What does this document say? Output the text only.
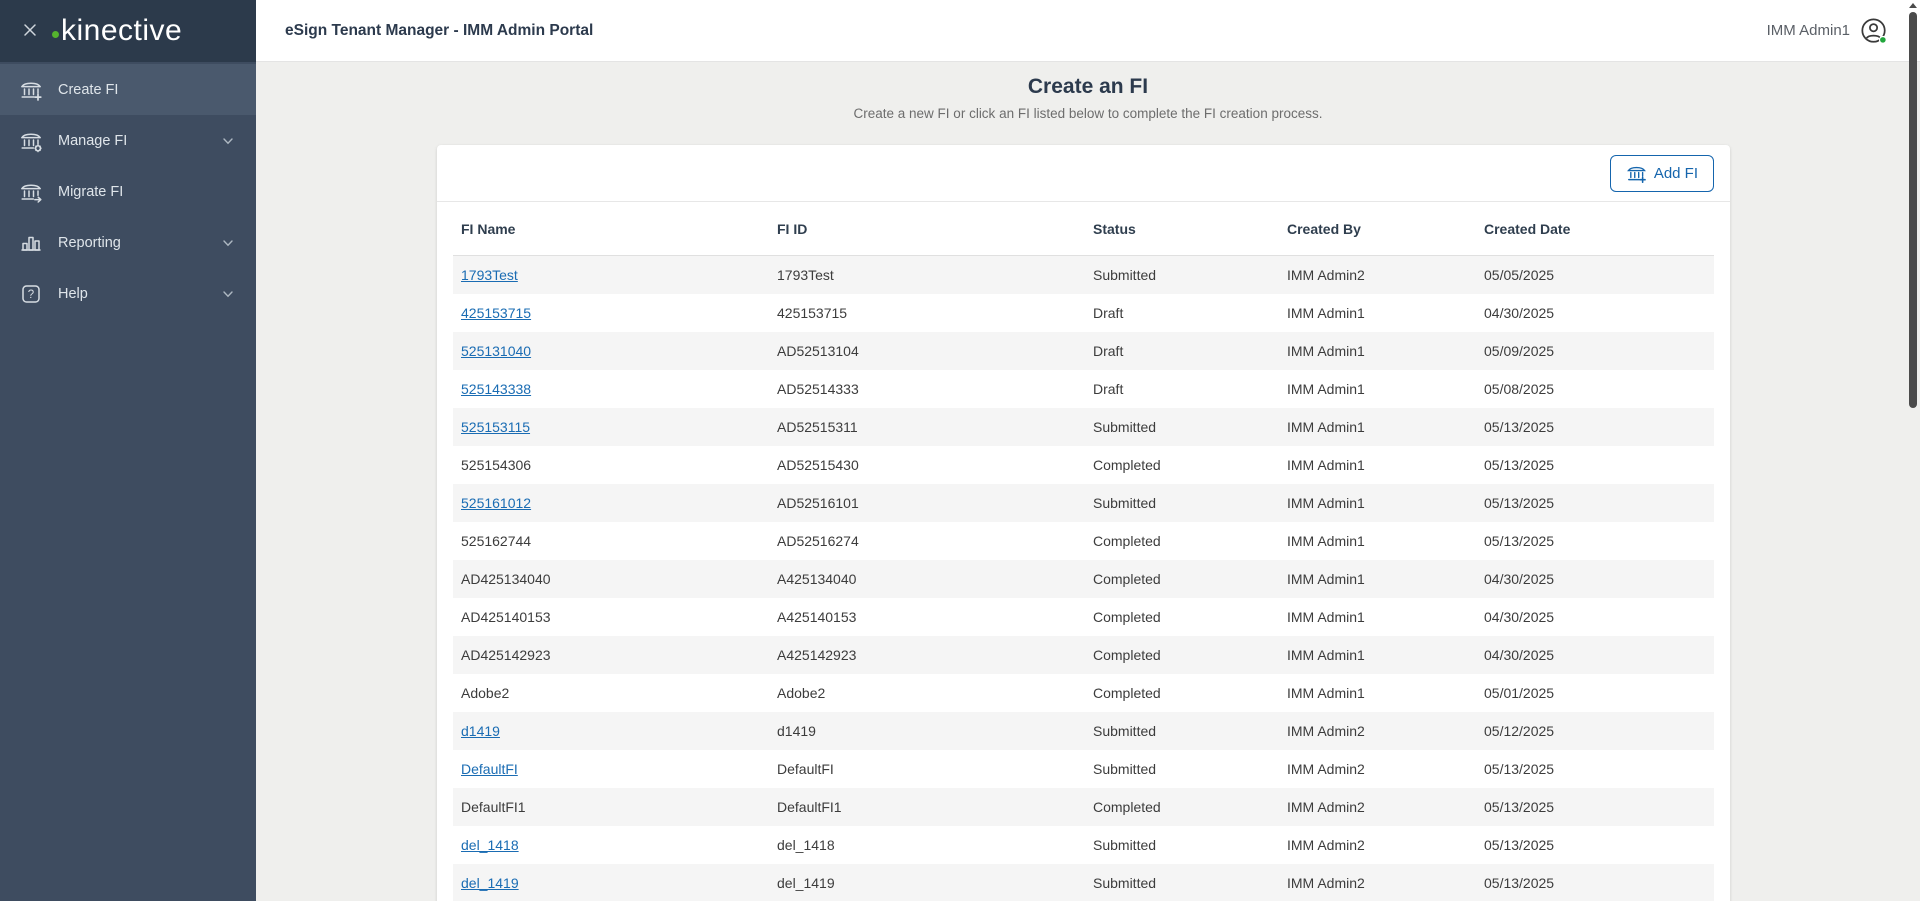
kinective
Create FI
Manage FI
Migrate FI
Reporting
? Help
eSign Tenant Manager - IMM Admin Portal	IMM Admin1
Create an FI

Create a new FI or click an FI listed below to complete the FI creation process.

Add FI
FI Name	FI ID	Status	Created By	Created Date
1793Test	1793Test	Submitted	IMM Admin2	05/05/2025
425153715	425153715	Draft	IMM Admin1	04/30/2025
525131040	AD52513104	Draft	IMM Admin1	05/09/2025
525143338	AD52514333	Draft	IMM Admin1	05/08/2025
525153115	AD52515311	Submitted	IMM Admin1	05/13/2025
525154306	AD52515430	Completed	IMM Admin1	05/13/2025
525161012	AD52516101	Submitted	IMM Admin1	05/13/2025
525162744	AD52516274	Completed	IMM Admin1	05/13/2025
AD425134040	A425134040	Completed	IMM Admin1	04/30/2025
AD425140153	A425140153	Completed	IMM Admin1	04/30/2025
AD425142923	A425142923	Completed	IMM Admin1	04/30/2025
Adobe2	Adobe2	Completed	IMM Admin1	05/01/2025
d1419	d1419	Submitted	IMM Admin2	05/12/2025
DefaultFI	DefaultFI	Submitted	IMM Admin2	05/13/2025
DefaultFI1	DefaultFI1	Completed	IMM Admin2	05/13/2025
del_1418	del_1418	Submitted	IMM Admin2	05/13/2025
del_1419	del_1419	Submitted	IMM Admin2	05/13/2025
